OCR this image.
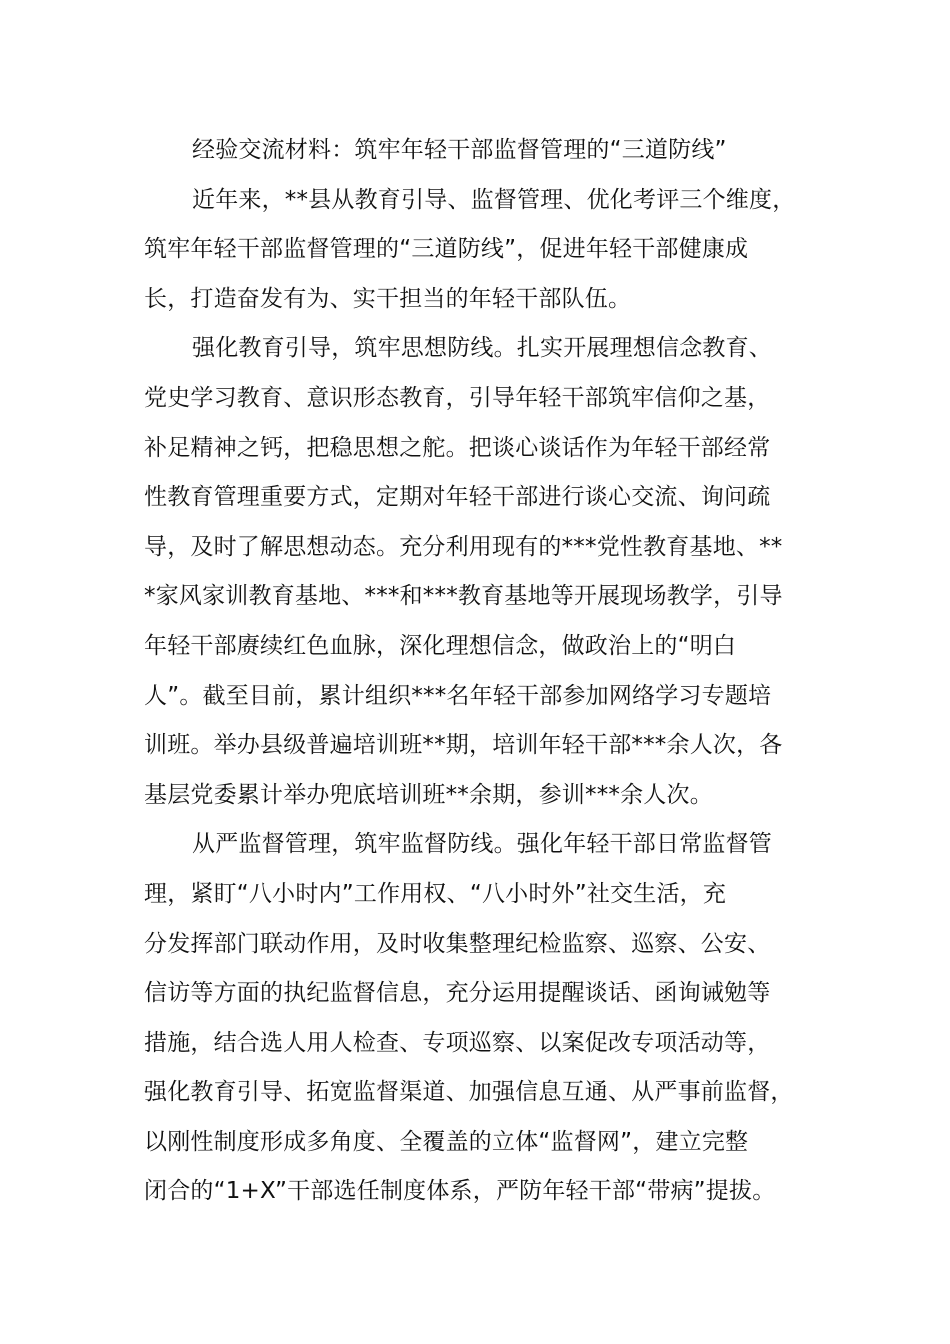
经验交流材料：筑牢年轻干部监督管理的“三道防线”
近年来，**县从教育引导、监督管理、优化考评三个维度，
筑牢年轻干部监督管理的“三道防线”，促进年轻干部健康成
长，打造奋发有为、实干担当的年轻干部队伍。
强化教育引导，筑牢思想防线。扎实开展理想信念教育、
党史学习教育、意识形态教育，引导年轻干部筑牢信仰之基，
补足精神之钙，把稳思想之舵。把谈心谈话作为年轻干部经常
性教育管理重要方式，定期对年轻干部进行谈心交流、询问疏
导，及时了解思想动态。充分利用现有的***党性教育基地、**
*家风家训教育基地、***和***教育基地等开展现场教学，引导
年轻干部赓续红色血脉，深化理想信念，做政治上的“明白
人”。截至目前，累计组织***名年轻干部参加网络学习专题培
训班。举办县级普遍培训班**期，培训年轻干部***余人次，各
基层党委累计举办兜底培训班**余期，参训***余人次。
从严监督管理，筑牢监督防线。强化年轻干部日常监督管
理，紧盯“八小时内”工作用权、“八小时外”社交生活，充
分发挥部门联动作用，及时收集整理纪检监察、巡察、公安、
信访等方面的执纪监督信息，充分运用提醒谈话、函询诫勉等
措施，结合选人用人检查、专项巡察、以案促改专项活动等，
强化教育引导、拓宽监督渠道、加强信息互通、从严事前监督，
以刚性制度形成多角度、全覆盖的立体“监督网”，建立完整
闭合的“1+X”干部选任制度体系，严防年轻干部“带病”提拔。
